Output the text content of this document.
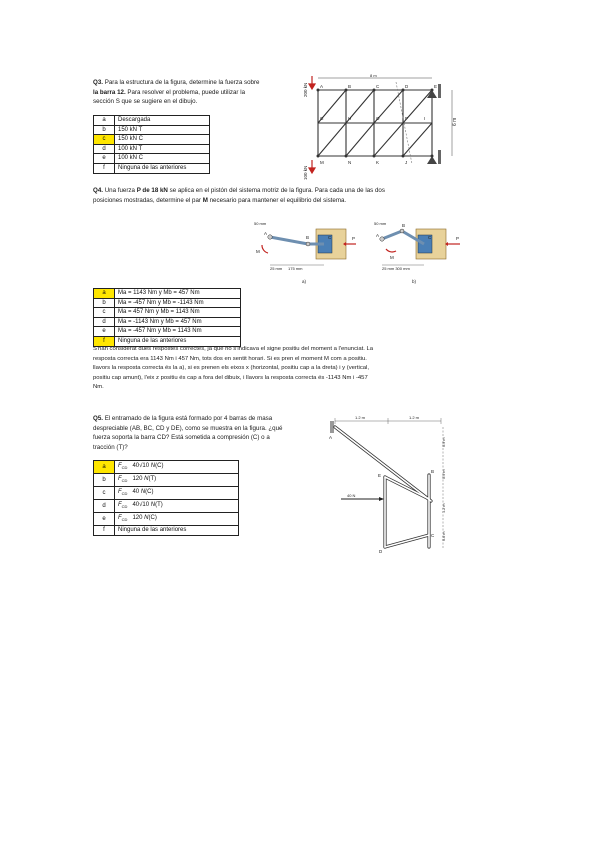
Q3. Para la estructura de la figura, determine la fuerza sobre
la barra 12. Para resolver el problema, puede utilizar la
sección S que se sugiere en el dibujo.
a	Descargada
b	150 kN T
c	150 kN C
d	100 kN T
e	100 kN C
f	Ninguna de las anteriores
200 kN
100 kN
6 m
8 m
A	B	C	D	E
G	H
M	N	K	J
O	P	I
Q4. Una fuerza P de 18 kN se aplica en el pistón del sistema motriz de la figura. Para cada una de las dos
posiciones mostradas, determine el par M necesario para mantener el equilibrio del sistema.
50 mm
175 mm
25 mm
B
A
C
M
P
a)
50 mm
25 mm 300 mm
B
A	C
M
P
b)
a	Ma = 1143 Nm y Mb = 457 Nm
b	Ma = -457 Nm y Mb = -1143 Nm
c	Ma = 457 Nm y Mb = 1143 Nm
d	Ma = -1143 Nm y Mb = 457 Nm
e	Ma = -457 Nm y Mb = 1143 Nm
f	Ninguna de las anteriores
S'han considerat dues respostes correctes, ja que no s'indicava el signe positiu del moment a l'enunciat. La
resposta correcta era 1143 Nm i 457 Nm, tots dos en sentit horari. Si es pren el moment M com a positiu.
llavors la resposta correcta és la a), si es prenen els eixos x (horizontal, positiu cap a la dreta) i y (vertical,
positiu cap amunt), l'eix z positiu és cap a fora del dibuix, i llavors la resposta correcta és -1143 Nm i -457
Nm.
Q5. El entramado de la figura está formado por 4 barras de masa
despreciable (AB, BC, CD y DE), como se muestra en la figura. ¿qué
fuerza soporta la barra CD? Está sometida a compresión (C) o a
tracción (T)?
a	$F_{CD}$ 40√10 N(C)
b	$F_{CD}$ 120 N(T)
c	$F_{CD}$ 40 N(C)
d	$F_{CD}$ 40√10 N(T)
e	$F_{CD}$ 120 N(C)
f	Ninguna de las anteriores
1.2 m	1.2 m
0.9 m
0.9 m
1.2 m
0.6 m
40 N
A
B
C
D
E
